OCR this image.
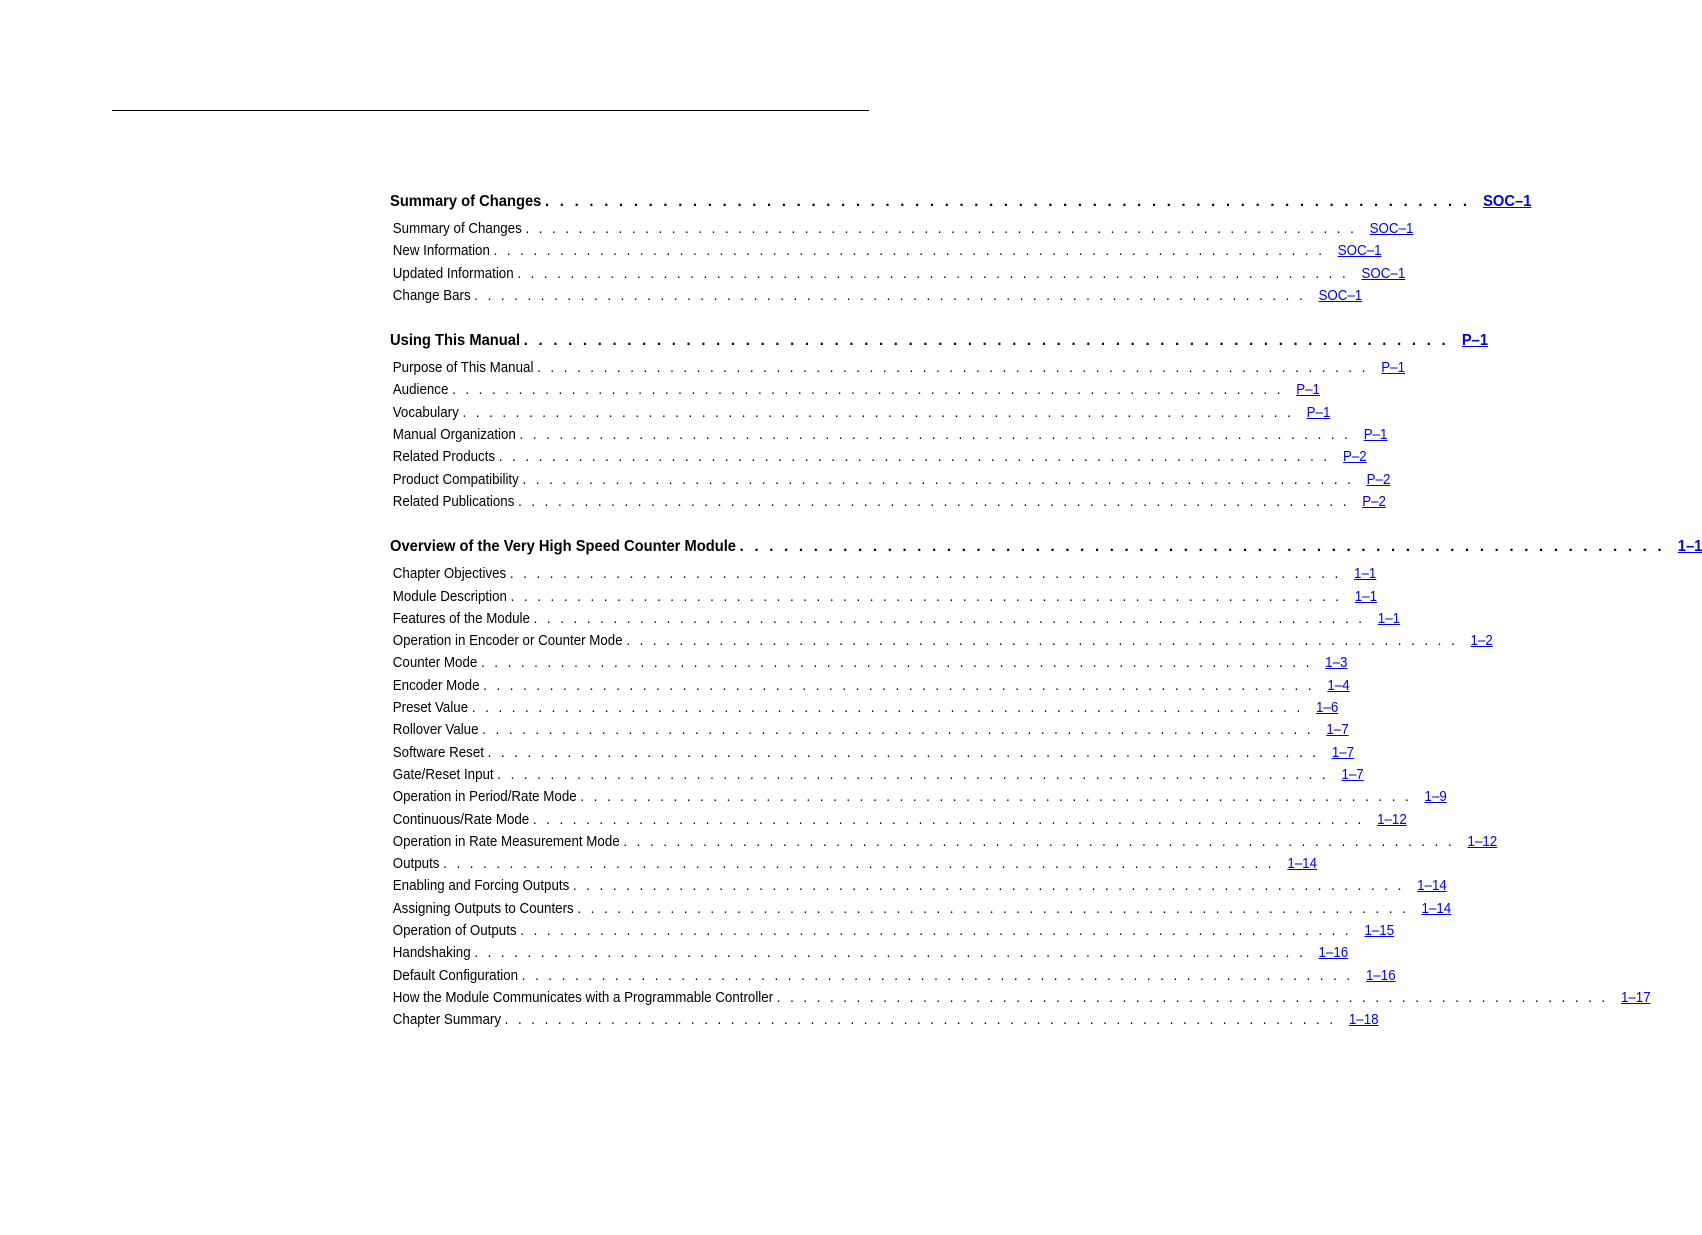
Summary of Changes . . . . . . . . . . . . . . . . . . . . . . . . . . . . . . . . . . . . . . . . . . . . . . . . . . . . . . . . . . . . . . . SOC–1
Summary of Changes . . . . . . . . . . . . . . . . . . . . . . . . . . . . . . . . . . . . . . . . . . . . . . . . . . . . . . . . . . . . . . . SOC–1
New Information . . . . . . . . . . . . . . . . . . . . . . . . . . . . . . . . . . . . . . . . . . . . . . . . . . . . . . . . . . . . . . . SOC–1
Updated Information . . . . . . . . . . . . . . . . . . . . . . . . . . . . . . . . . . . . . . . . . . . . . . . . . . . . . . . . . . . . . . . SOC–1
Change Bars . . . . . . . . . . . . . . . . . . . . . . . . . . . . . . . . . . . . . . . . . . . . . . . . . . . . . . . . . . . . . . . SOC–1
Using This Manual . . . . . . . . . . . . . . . . . . . . . . . . . . . . . . . . . . . . . . . . . . . . . . . . . . . . . . . . . . . . . . . P–1
Purpose of This Manual . . . . . . . . . . . . . . . . . . . . . . . . . . . . . . . . . . . . . . . . . . . . . . . . . . . . . . . . . . . . . . . P–1
Audience . . . . . . . . . . . . . . . . . . . . . . . . . . . . . . . . . . . . . . . . . . . . . . . . . . . . . . . . . . . . . . . P–1
Vocabulary . . . . . . . . . . . . . . . . . . . . . . . . . . . . . . . . . . . . . . . . . . . . . . . . . . . . . . . . . . . . . . . P–1
Manual Organization . . . . . . . . . . . . . . . . . . . . . . . . . . . . . . . . . . . . . . . . . . . . . . . . . . . . . . . . . . . . . . . P–1
Related Products . . . . . . . . . . . . . . . . . . . . . . . . . . . . . . . . . . . . . . . . . . . . . . . . . . . . . . . . . . . . . . . P–2
Product Compatibility . . . . . . . . . . . . . . . . . . . . . . . . . . . . . . . . . . . . . . . . . . . . . . . . . . . . . . . . . . . . . . . P–2
Related Publications . . . . . . . . . . . . . . . . . . . . . . . . . . . . . . . . . . . . . . . . . . . . . . . . . . . . . . . . . . . . . . . P–2
Overview of the Very High Speed Counter Module . . . . . . . . . . . . . . . . . . . . . . . . . . . . . . . . . . . . . . . . . . . . . . . . . . . . . . . . . . . . . . . 1–1
Chapter Objectives . . . . . . . . . . . . . . . . . . . . . . . . . . . . . . . . . . . . . . . . . . . . . . . . . . . . . . . . . . . . . . . 1–1
Module Description . . . . . . . . . . . . . . . . . . . . . . . . . . . . . . . . . . . . . . . . . . . . . . . . . . . . . . . . . . . . . . . 1–1
Features of the Module . . . . . . . . . . . . . . . . . . . . . . . . . . . . . . . . . . . . . . . . . . . . . . . . . . . . . . . . . . . . . . . 1–1
Operation in Encoder or Counter Mode . . . . . . . . . . . . . . . . . . . . . . . . . . . . . . . . . . . . . . . . . . . . . . . . . . . . . . . . . . . . . . . 1–2
Counter Mode . . . . . . . . . . . . . . . . . . . . . . . . . . . . . . . . . . . . . . . . . . . . . . . . . . . . . . . . . . . . . . . 1–3
Encoder Mode . . . . . . . . . . . . . . . . . . . . . . . . . . . . . . . . . . . . . . . . . . . . . . . . . . . . . . . . . . . . . . . 1–4
Preset Value . . . . . . . . . . . . . . . . . . . . . . . . . . . . . . . . . . . . . . . . . . . . . . . . . . . . . . . . . . . . . . . 1–6
Rollover Value . . . . . . . . . . . . . . . . . . . . . . . . . . . . . . . . . . . . . . . . . . . . . . . . . . . . . . . . . . . . . . . 1–7
Software Reset . . . . . . . . . . . . . . . . . . . . . . . . . . . . . . . . . . . . . . . . . . . . . . . . . . . . . . . . . . . . . . . 1–7
Gate/Reset Input . . . . . . . . . . . . . . . . . . . . . . . . . . . . . . . . . . . . . . . . . . . . . . . . . . . . . . . . . . . . . . . 1–7
Operation in Period/Rate Mode . . . . . . . . . . . . . . . . . . . . . . . . . . . . . . . . . . . . . . . . . . . . . . . . . . . . . . . . . . . . . . . 1–9
Continuous/Rate Mode . . . . . . . . . . . . . . . . . . . . . . . . . . . . . . . . . . . . . . . . . . . . . . . . . . . . . . . . . . . . . . . 1–12
Operation in Rate Measurement Mode . . . . . . . . . . . . . . . . . . . . . . . . . . . . . . . . . . . . . . . . . . . . . . . . . . . . . . . . . . . . . . . 1–12
Outputs . . . . . . . . . . . . . . . . . . . . . . . . . . . . . . . . . . . . . . . . . . . . . . . . . . . . . . . . . . . . . . . 1–14
Enabling and Forcing Outputs . . . . . . . . . . . . . . . . . . . . . . . . . . . . . . . . . . . . . . . . . . . . . . . . . . . . . . . . . . . . . . . 1–14
Assigning Outputs to Counters . . . . . . . . . . . . . . . . . . . . . . . . . . . . . . . . . . . . . . . . . . . . . . . . . . . . . . . . . . . . . . . 1–14
Operation of Outputs . . . . . . . . . . . . . . . . . . . . . . . . . . . . . . . . . . . . . . . . . . . . . . . . . . . . . . . . . . . . . . . 1–15
Handshaking . . . . . . . . . . . . . . . . . . . . . . . . . . . . . . . . . . . . . . . . . . . . . . . . . . . . . . . . . . . . . . . 1–16
Default Configuration . . . . . . . . . . . . . . . . . . . . . . . . . . . . . . . . . . . . . . . . . . . . . . . . . . . . . . . . . . . . . . . 1–16
How the Module Communicates with a Programmable Controller . . . . . . . . . . . . . . . . . . . . . . . . . . . . . . . . . . . . . . . . . . . . . . . . . . . . . . . . . . . . . . . 1–17
Chapter Summary . . . . . . . . . . . . . . . . . . . . . . . . . . . . . . . . . . . . . . . . . . . . . . . . . . . . . . . . . . . . . . . 1–18
